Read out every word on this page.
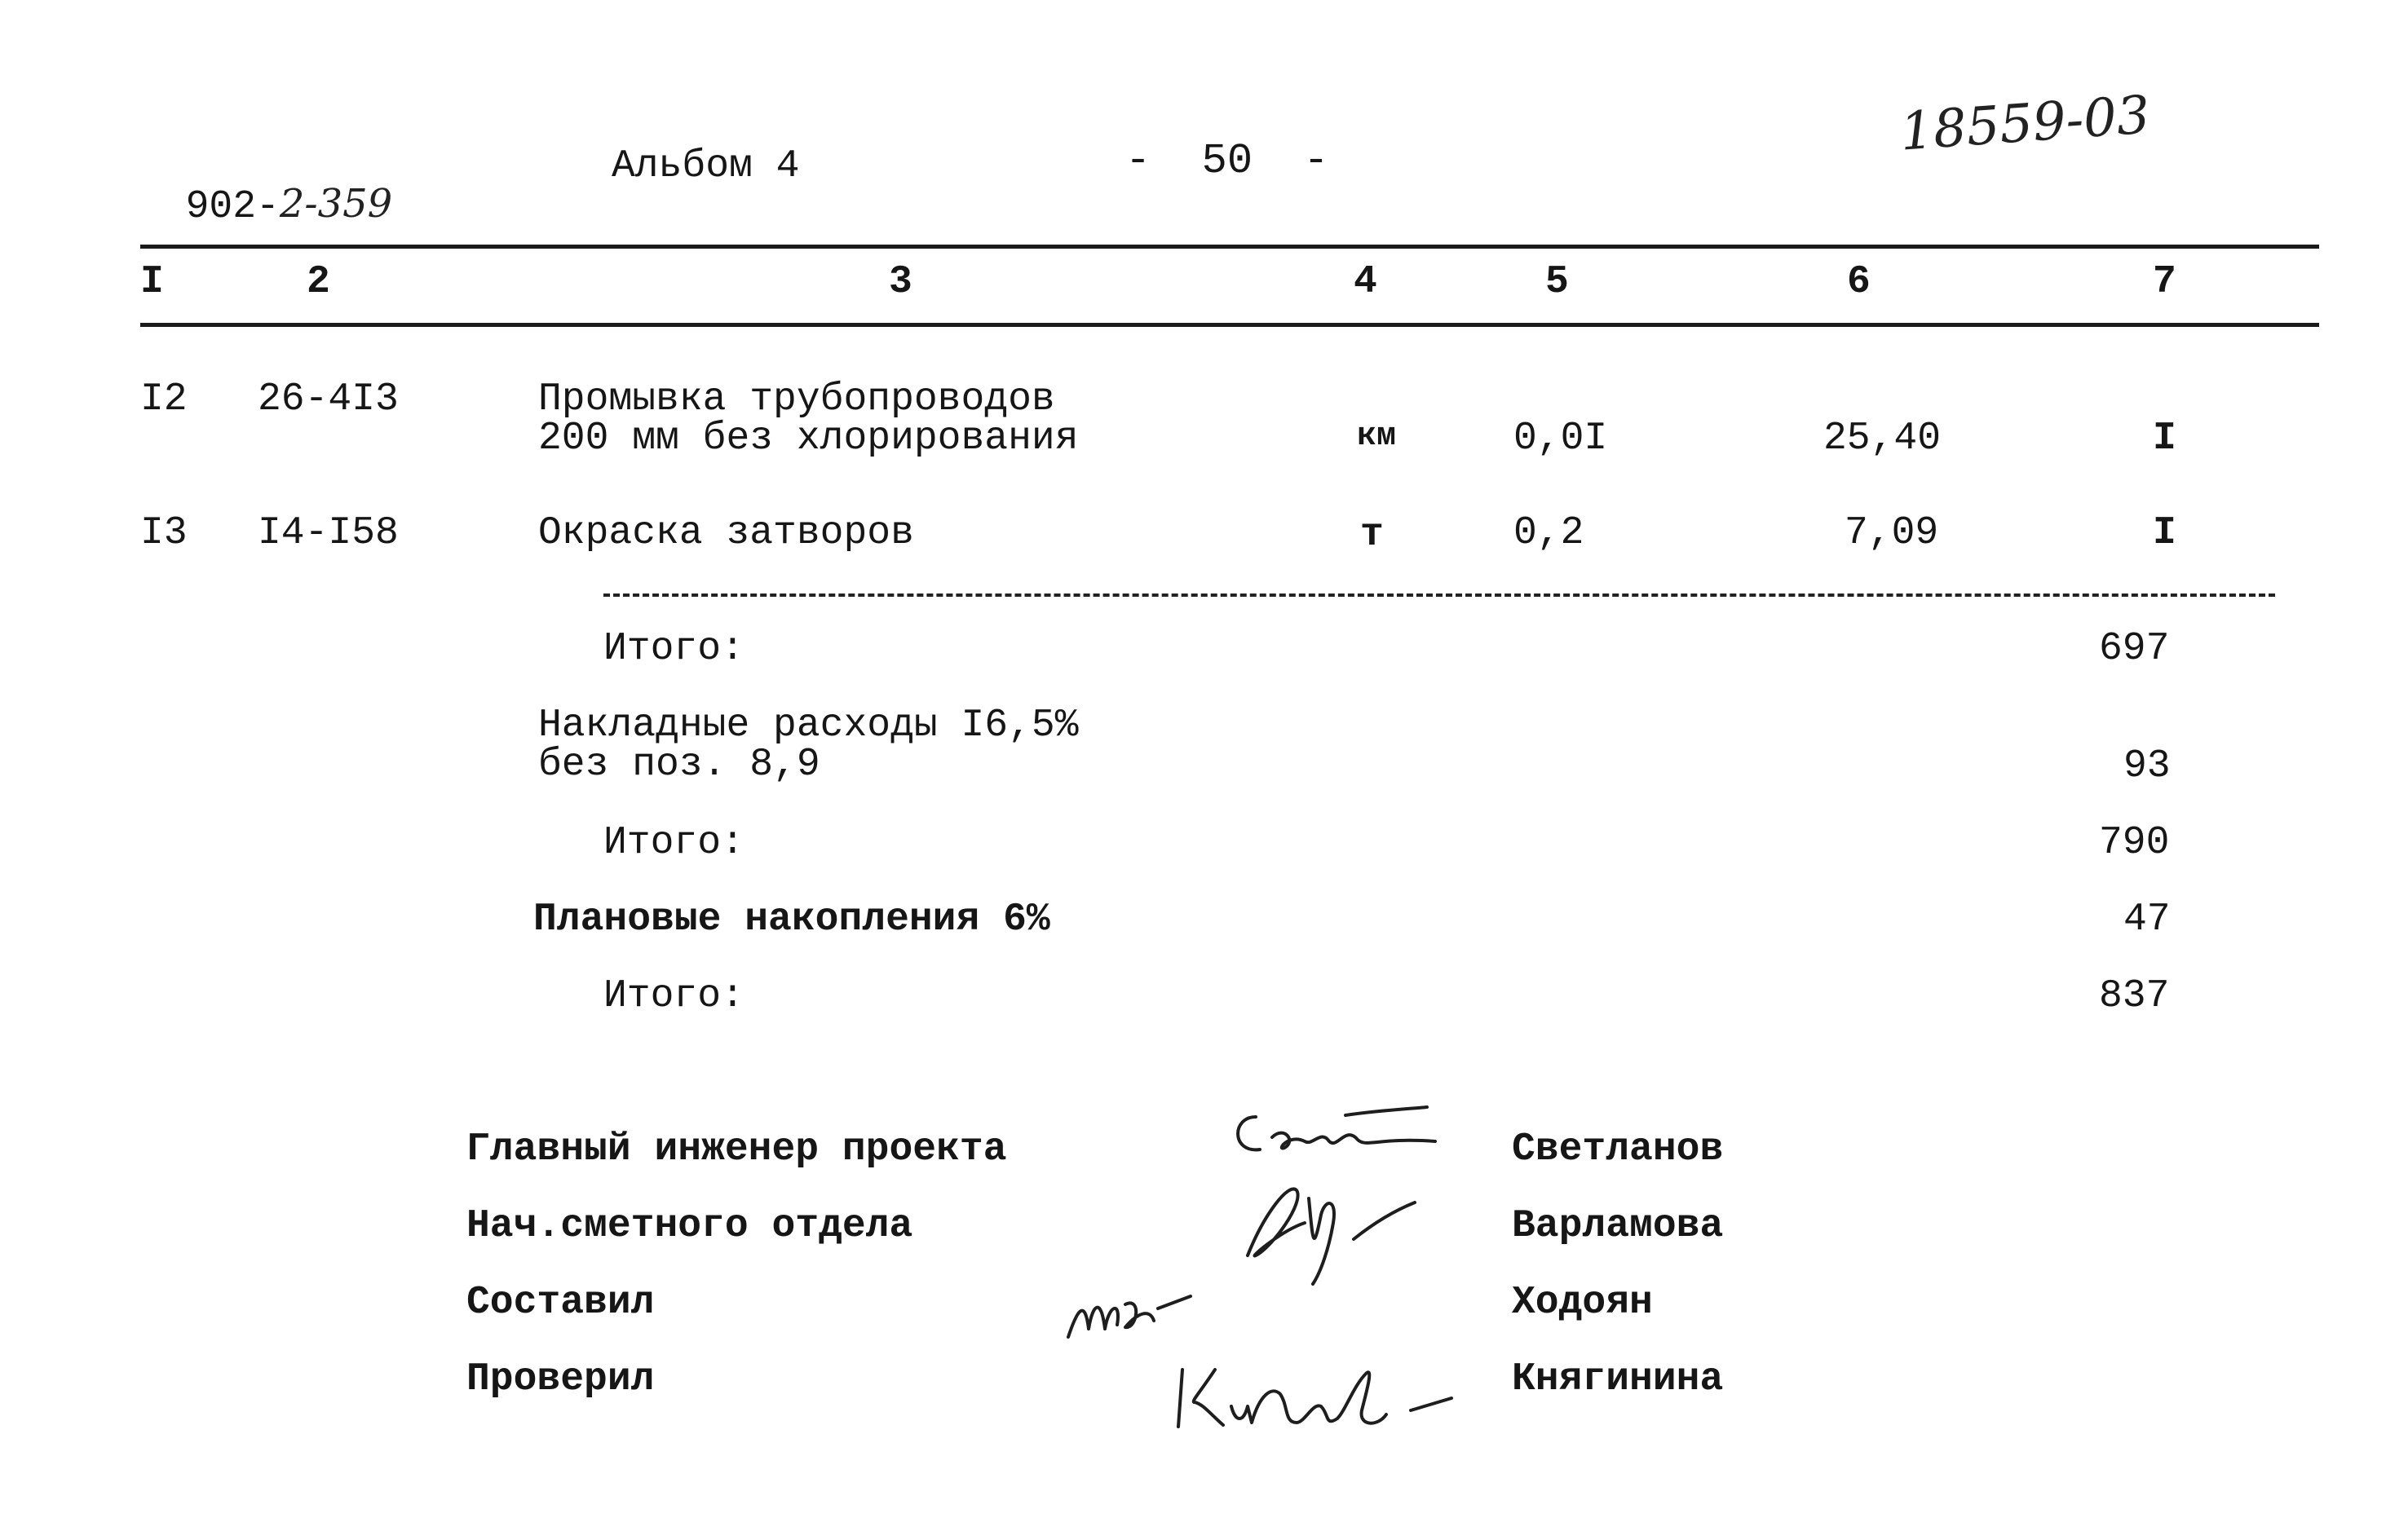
902-2-359

Альбом 4	-  50  -	18559-03
I	2	3	4	5	6	7
I2 26-4I3	Промывка трубопроводов
200 мм без хлорирования	км	0,0I	25,40	I
I3 I4-I58	Окраска затворов	т	0,2	7,09	I
Итого:	697
Накладные расходы I6,5%
без поз. 8,9	93
Итого:	790
Плановые накопления 6%	47
Итого:	837
Главный инженер проекта	Светланов
Нач.сметного отдела	Варламова
Составил	Ходоян
Проверил	Княгинина
